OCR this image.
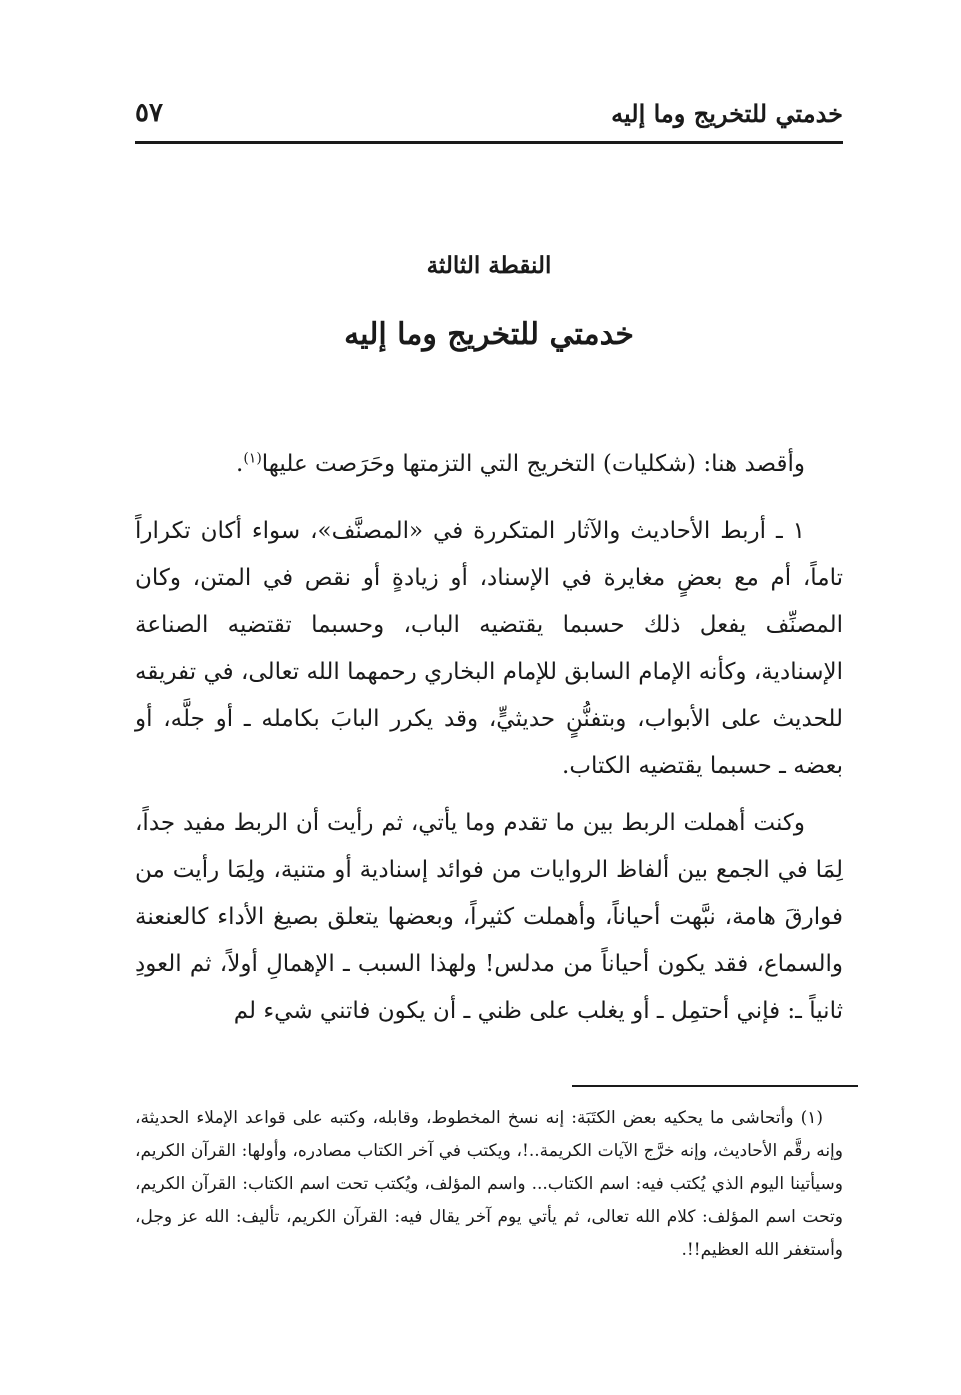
خدمتي للتخريج وما إليه
٥٧
النقطة الثالثة
خدمتي للتخريج وما إليه

وأقصد هنا: (شكليات) التخريج التي التزمتها وحَرَصت عليها$^{(١)}$.

١ ـ أربط الأحاديث والآثار المتكررة في «المصنَّف»، سواء أكان تكراراً تاماً، أم مع بعضٍ مغايرة في الإسناد، أو زيادةٍ أو نقص في المتن، وكان المصنِّف يفعل ذلك حسبما يقتضيه الباب، وحسبما تقتضيه الصناعة الإسنادية، وكأنه الإمام السابق للإمام البخاري رحمهما الله تعالى، في تفريقه للحديث على الأبواب، وبتفنُّنٍ حديثيٍّ، وقد يكرر البابَ بكامله ـ أو جلَّه، أو بعضه ـ حسبما يقتضيه الكتاب.

وكنت أهملت الربط بين ما تقدم وما يأتي، ثم رأيت أن الربط مفيد جداً، لِمَا في الجمع بين ألفاظ الروايات من فوائد إسنادية أو متنية، ولِمَا رأيت من فوارقَ هامة، نبَّهت أحياناً، وأهملت كثيراً، وبعضها يتعلق بصيغ الأداء كالعنعنة والسماع، فقد يكون أحياناً من مدلس! ولهذا السبب ـ الإهمالِ أولاً، ثم العودِ ثانياً ـ: فإني أحتمِل ـ أو يغلب على ظني ـ أن يكون فاتني شيء لم

(١) وأتحاشى ما يحكيه بعض الكتَبَة: إنه نسخ المخطوط، وقابله، وكتبه على قواعد الإملاء الحديثة، وإنه رقَّم الأحاديث، وإنه خرَّج الآيات الكريمة..!، ويكتب في آخر الكتاب مصادره، وأولها: القرآن الكريم، وسيأتينا اليوم الذي يُكتب فيه: اسم الكتاب... واسم المؤلف، ويُكتب تحت اسم الكتاب: القرآن الكريم، وتحت اسم المؤلف: كلام الله تعالى، ثم يأتي يوم آخر يقال فيه: القرآن الكريم، تأليف: الله عز وجل، وأستغفر الله العظيم!!.
